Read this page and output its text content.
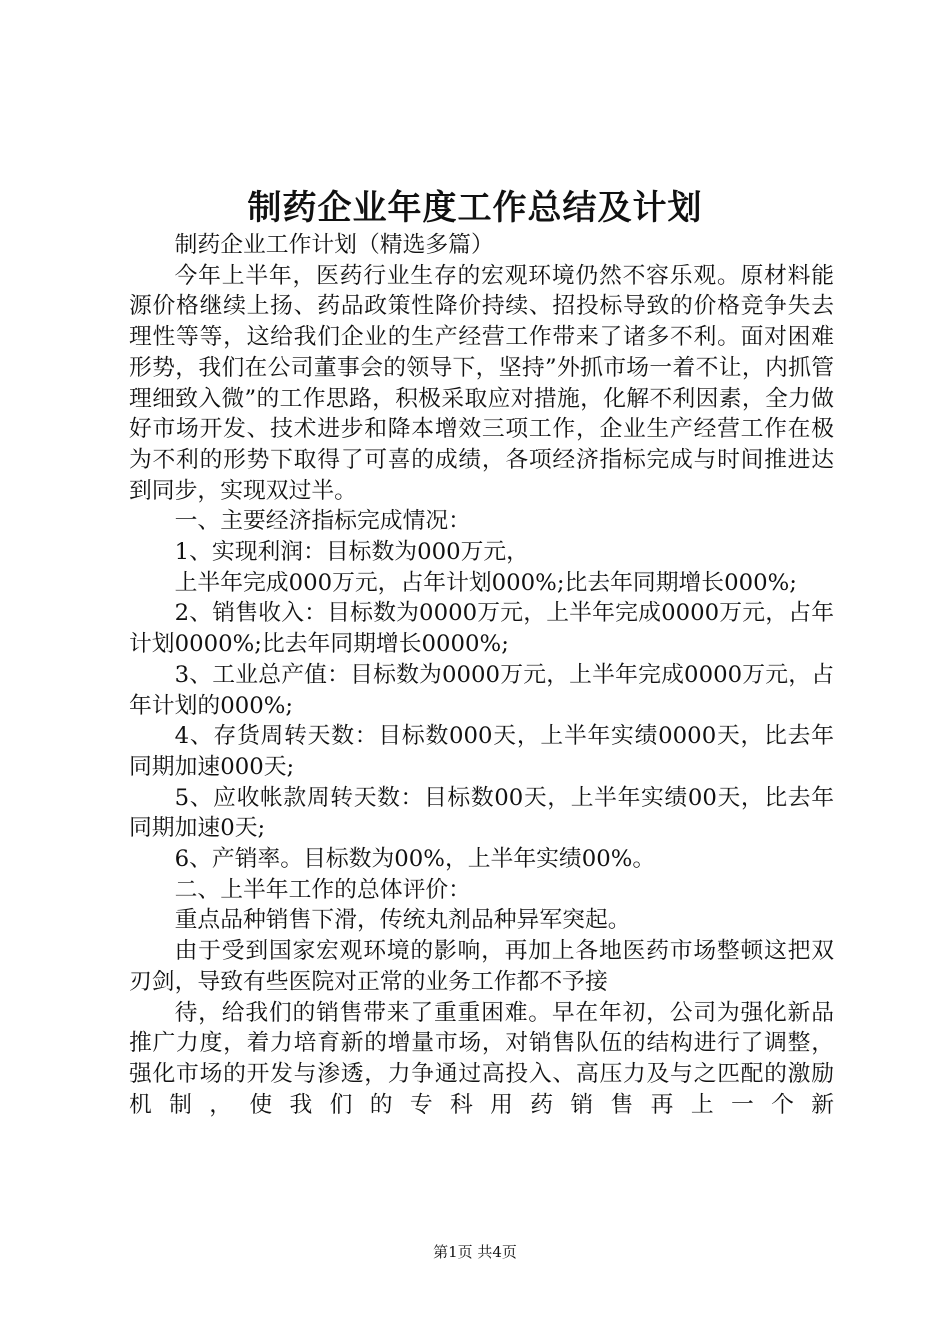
制药企业年度工作总结及计划

制药企业工作计划（精选多篇）

今年上半年，医药行业生存的宏观环境仍然不容乐观。原材料能源价格继续上扬、药品政策性降价持续、招投标导致的价格竞争失去理性等等，这给我们企业的生产经营工作带来了诸多不利。面对困难形势，我们在公司董事会的领导下，坚持”外抓市场一着不让，内抓管理细致入微”的工作思路，积极采取应对措施，化解不利因素，全力做好市场开发、技术进步和降本增效三项工作，企业生产经营工作在极为不利的形势下取得了可喜的成绩，各项经济指标完成与时间推进达到同步，实现双过半。

一、主要经济指标完成情况：

1、实现利润：目标数为000万元，

上半年完成000万元，占年计划000%;比去年同期增长000%;

2、销售收入：目标数为0000万元，上半年完成0000万元，占年计划0000%;比去年同期增长0000%;

3、工业总产值：目标数为0000万元，上半年完成0000万元，占年计划的000%;

4、存货周转天数：目标数000天，上半年实绩0000天，比去年同期加速000天;

5、应收帐款周转天数：目标数00天，上半年实绩00天，比去年同期加速0天;

6、产销率。目标数为00%，上半年实绩00%。

二、上半年工作的总体评价：

重点品种销售下滑，传统丸剂品种异军突起。

由于受到国家宏观环境的影响，再加上各地医药市场整顿这把双刃剑，导致有些医院对正常的业务工作都不予接

待，给我们的销售带来了重重困难。早在年初，公司为强化新品推广力度，着力培育新的增量市场，对销售队伍的结构进行了调整，强化市场的开发与渗透，力争通过高投入、高压力及与之匹配的激励机制，使我们的专科用药销售再上一个新

第1页 共4页
